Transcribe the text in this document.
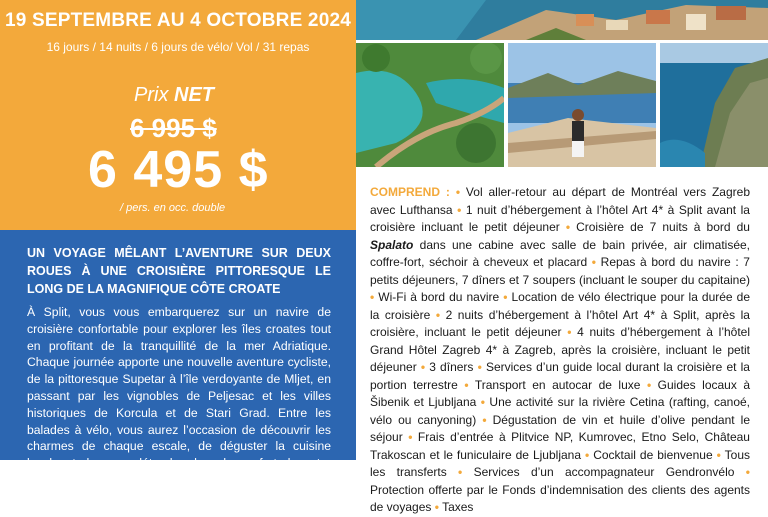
19 SEPTEMBRE AU 4 OCTOBRE 2024
16 jours / 14 nuits / 6 jours de vélo/ Vol / 31 repas
Prix NET
6 995 $
6 495 $
/ pers. en occ. double
UN VOYAGE MÊLANT L’AVENTURE SUR DEUX ROUES À UNE CROISIÈRE PITTORESQUE LE LONG DE LA MAGNIFIQUE CÔTE CROATE
À Split, vous vous embarquerez sur un navire de croisière confortable pour explorer les îles croates tout en profitant de la tranquillité de la mer Adriatique. Chaque journée apporte une nouvelle aventure cycliste, de la pittoresque Supetar à l’île verdoyante de Mljet, en passant par les vignobles de Peljesac et les villes historiques de Korcula et de Stari Grad. Entre les balades à vélo, vous aurez l’occasion de découvrir les charmes de chaque escale, de déguster la cuisine locale et de vous détendre dans le confort de votre navire. Ce voyage est une fusion parfaite de paysages époustouflants
COMPREND : • Vol aller-retour au départ de Montréal vers Zagreb avec Lufthansa • 1 nuit d’hébergement à l’hôtel Art 4* à Split avant la croisière incluant le petit déjeuner • Croisière de 7 nuits à bord du Spalato dans une cabine avec salle de bain privée, air climatisée, coffre-fort, séchoir à cheveux et placard • Repas à bord du navire : 7 petits déjeuners, 7 dîners et 7 soupers (incluant le souper du capitaine) • Wi-Fi à bord du navire • Location de vélo électrique pour la durée de la croisière • 2 nuits d’hébergement à l’hôtel Art 4* à Split, après la croisière, incluant le petit déjeuner • 4 nuits d’hébergement à l’hôtel Grand Hôtel Zagreb 4* à Zagreb, après la croisière, incluant le petit déjeuner • 3 dîners • Services d’un guide local durant la croisière et la portion terrestre • Transport en autocar de luxe • Guides locaux à Šibenik et Ljubljana • Une activité sur la rivière Cetina (rafting, canoé, vélo ou canyoning) • Dégustation de vin et huile d’olive pendant le séjour • Frais d’entrée à Plitvice NP, Kumrovec, Etno Selo, Château Trakoscan et le funiculaire de Ljubljana • Cocktail de bienvenue • Tous les transferts • Services d’un accompagnateur Gendronvélo • Protection offerte par le Fonds d’indemnisation des clients des agents de voyages • Taxes
